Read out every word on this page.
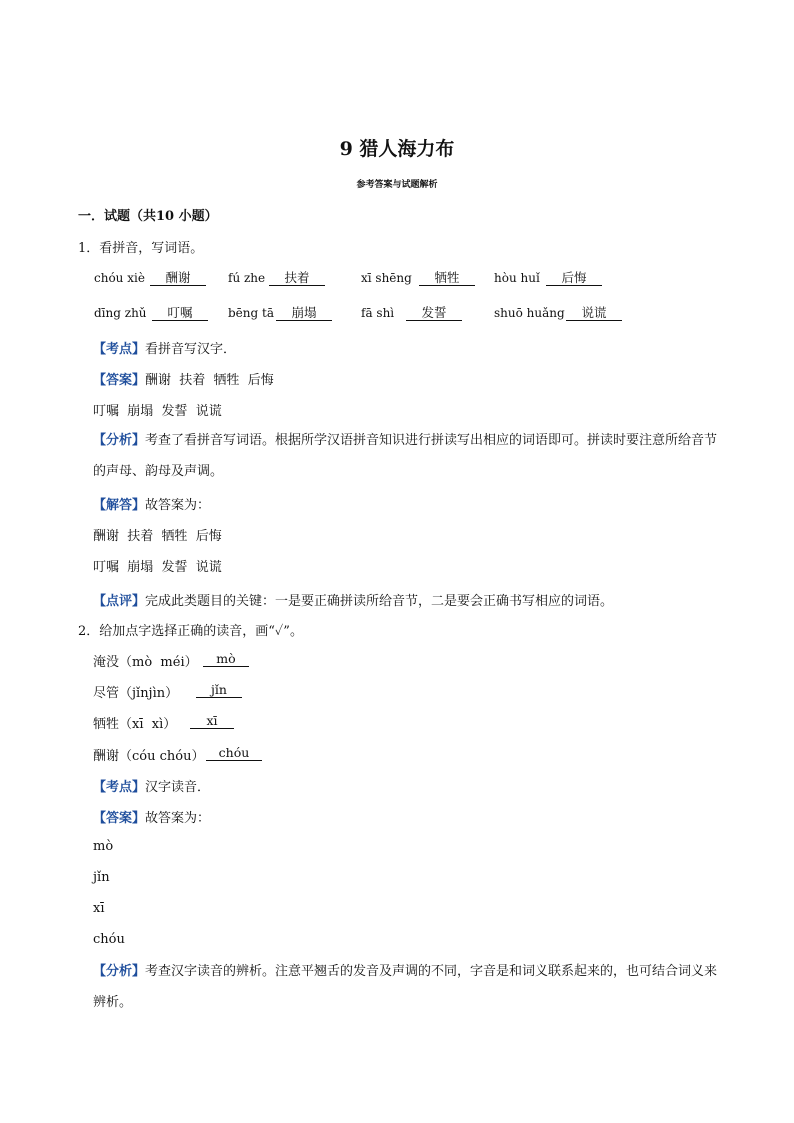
9 猎人海力布
参考答案与试题解析
一．试题（共10 小题）
1．看拼音，写词语。
chóu xiè	酬谢	fú zhe	扶着	xī shēng	牺牲	hòu huǐ	后悔
dīng zhǔ	叮嘱	bēng tā	崩塌	fā shì	发誓	shuō huǎng	说谎
【考点】看拼音写汉字．
【答案】酬谢  扶着  牺牲  后悔
叮嘱  崩塌  发誓  说谎
【分析】考查了看拼音写词语。根据所学汉语拼音知识进行拼读写出相应的词语即可。拼读时要注意所给音节的声母、韵母及声调。
【解答】故答案为：
酬谢  扶着  牺牲  后悔
叮嘱  崩塌  发誓  说谎
【点评】完成此类题目的关键：一是要正确拼读所给音节，二是要会正确书写相应的词语。
2．给加点字选择正确的读音，画“✓”。
淹没（mò  méi）	mò
尽管（jǐnjìn）	jǐn
牺牲（xī  xì）	xī
酬谢（cóu chóu）	chóu
【考点】汉字读音．
【答案】故答案为：
mò
jǐn
xī
chóu
【分析】考查汉字读音的辨析。注意平翘舌的发音及声调的不同，字音是和词义联系起来的，也可结合词义来辨析。
